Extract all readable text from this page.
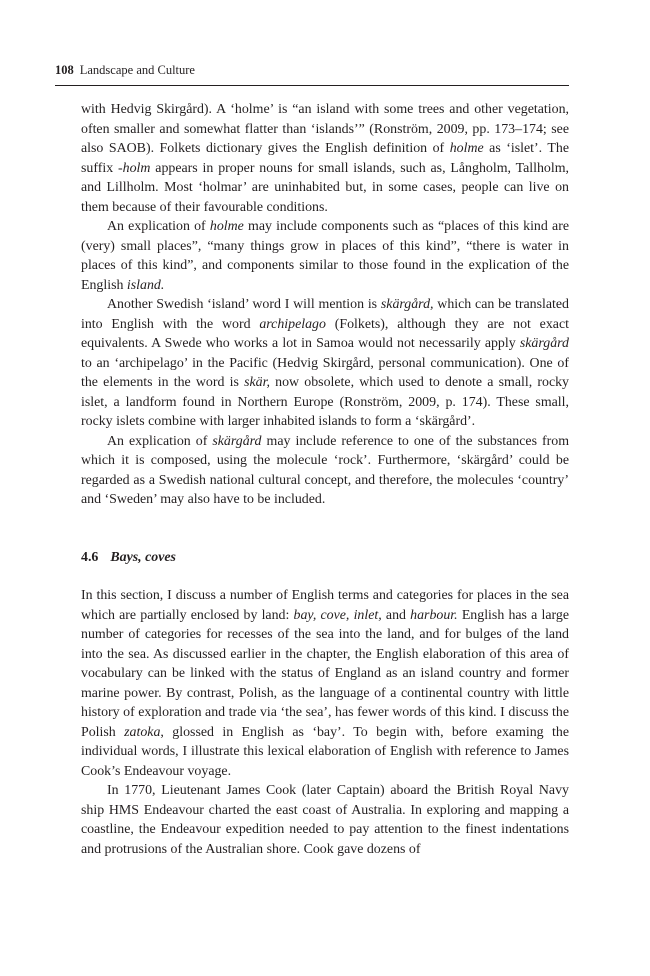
108 Landscape and Culture

with Hedvig Skirgård). A ‘holme’ is “an island with some trees and other vegetation, often smaller and somewhat flatter than ‘islands’” (Ronström, 2009, pp. 173–174; see also SAOB). Folkets dictionary gives the English definition of holme as ‘islet’. The suffix -holm appears in proper nouns for small islands, such as, Långholm, Tallholm, and Lillholm. Most ‘holmar’ are uninhabited but, in some cases, people can live on them because of their favourable conditions.

An explication of holme may include components such as “places of this kind are (very) small places”, “many things grow in places of this kind”, “there is water in places of this kind”, and components similar to those found in the explication of the English island.

Another Swedish ‘island’ word I will mention is skärgård, which can be translated into English with the word archipelago (Folkets), although they are not exact equivalents. A Swede who works a lot in Samoa would not necessarily apply skärgård to an ‘archipelago’ in the Pacific (Hedvig Skirgård, personal communication). One of the elements in the word is skär, now obsolete, which used to denote a small, rocky islet, a landform found in Northern Europe (Ronström, 2009, p. 174). These small, rocky islets combine with larger inhabited islands to form a ‘skärgård’.

An explication of skärgård may include reference to one of the substances from which it is composed, using the molecule ‘rock’. Furthermore, ‘skärgård’ could be regarded as a Swedish national cultural concept, and therefore, the molecules ‘country’ and ‘Sweden’ may also have to be included.

4.6 Bays, coves

In this section, I discuss a number of English terms and categories for places in the sea which are partially enclosed by land: bay, cove, inlet, and harbour. English has a large number of categories for recesses of the sea into the land, and for bulges of the land into the sea. As discussed earlier in the chapter, the English elaboration of this area of vocabulary can be linked with the status of England as an island country and former marine power. By contrast, Polish, as the language of a continental country with little history of exploration and trade via ‘the sea’, has fewer words of this kind. I discuss the Polish zatoka, glossed in English as ‘bay’. To begin with, before examing the individual words, I illustrate this lexical elaboration of English with reference to James Cook’s Endeavour voyage.

In 1770, Lieutenant James Cook (later Captain) aboard the British Royal Navy ship HMS Endeavour charted the east coast of Australia. In exploring and mapping a coastline, the Endeavour expedition needed to pay attention to the finest indentations and protrusions of the Australian shore. Cook gave dozens of
